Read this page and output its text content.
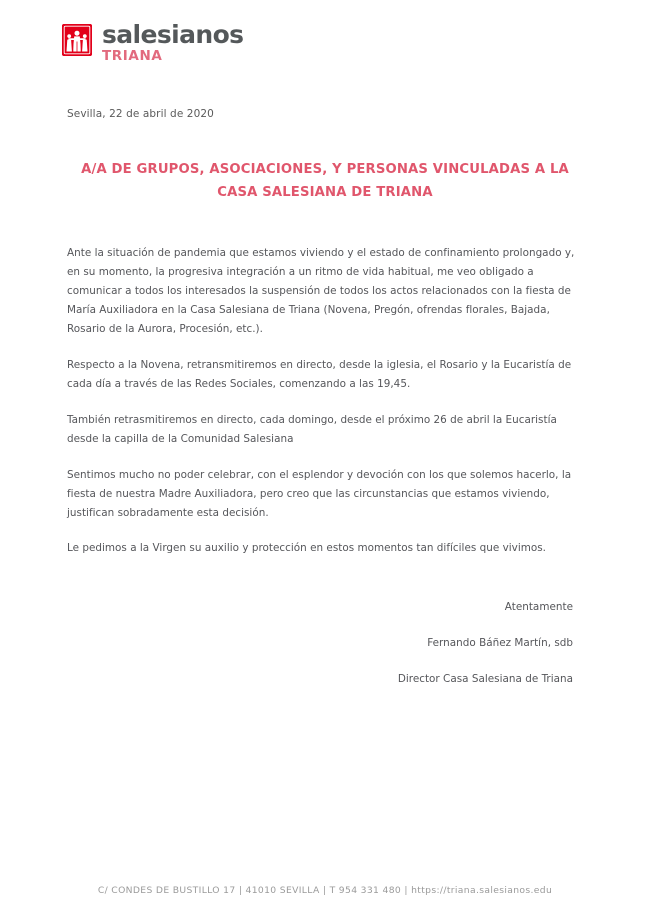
salesianos
TRIANA

Sevilla, 22 de abril de 2020

A/A DE GRUPOS, ASOCIACIONES, Y PERSONAS VINCULADAS A LA
CASA SALESIANA DE TRIANA

Ante la situación de pandemia que estamos viviendo y el estado de confinamiento prolongado y, en su momento, la progresiva integración a un ritmo de vida habitual, me veo obligado a comunicar a todos los interesados la suspensión de todos los actos relacionados con la fiesta de María Auxiliadora en la Casa Salesiana de Triana (Novena, Pregón, ofrendas florales, Bajada, Rosario de la Aurora, Procesión, etc.).

Respecto a la Novena, retransmitiremos en directo, desde la iglesia, el Rosario y la Eucaristía de cada día a través de las Redes Sociales, comenzando a las 19,45.

También retrasmitiremos en directo, cada domingo, desde el próximo 26 de abril la Eucaristía desde la capilla de la Comunidad Salesiana

Sentimos mucho no poder celebrar, con el esplendor y devoción con los que solemos hacerlo, la fiesta de nuestra Madre Auxiliadora, pero creo que las circunstancias que estamos viviendo, justifican sobradamente esta decisión.

Le pedimos a la Virgen su auxilio y protección en estos momentos tan difíciles que vivimos.

Atentamente

Fernando Báñez Martín, sdb

Director Casa Salesiana de Triana

C/ CONDES DE BUSTILLO 17 | 41010 SEVILLA | T 954 331 480 | https://triana.salesianos.edu
